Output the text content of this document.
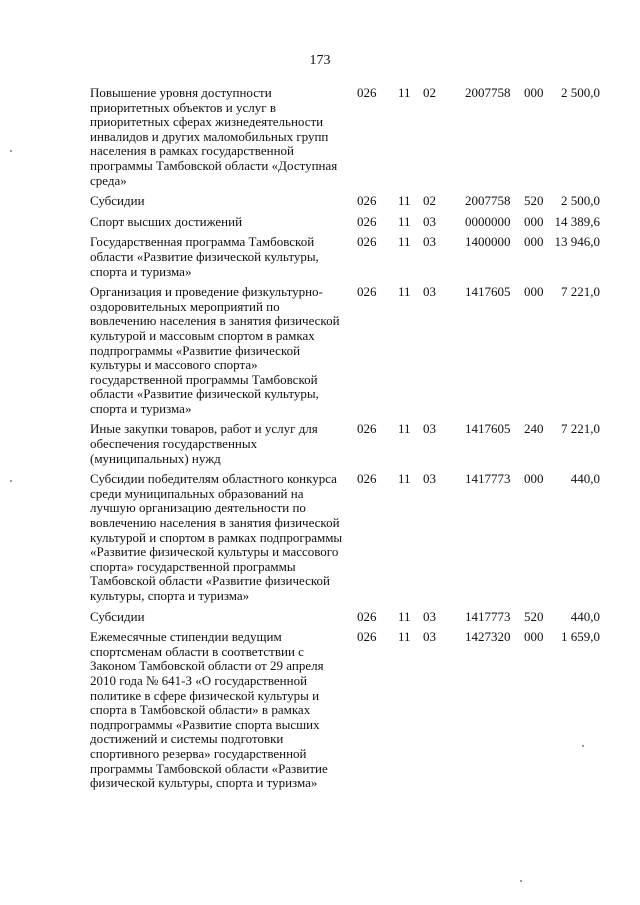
173
Повышение уровня доступности приоритетных объектов и услуг в приоритетных сферах жизнедеятельности инвалидов и других маломобильных групп населения в рамках государственной программы Тамбовской области «Доступная среда»
026	11 02	2007758	000	2 500,0
Субсидии	026	11 02	2007758	520	2 500,0
Спорт высших достижений	026	11 03	0000000	000 14 389,6
Государственная программа Тамбовской области «Развитие физической культуры, спорта и туризма»
026	11 03	1400000	000 13 946,0
Организация и проведение физкультурно-оздоровительных мероприятий по вовлечению населения в занятия физической культурой и массовым спортом в рамках подпрограммы «Развитие физической культуры и массового спорта» государственной программы Тамбовской области «Развитие физической культуры, спорта и туризма»
026	11 03	1417605	000	7 221,0
Иные закупки товаров, работ и услуг для обеспечения государственных (муниципальных) нужд
026	11 03	1417605	240	7 221,0
Субсидии победителям областного конкурса среди муниципальных образований на лучшую организацию деятельности по вовлечению населения в занятия физической культурой и спортом в рамках подпрограммы «Развитие физической культуры и массового спорта» государственной программы Тамбовской области «Развитие физической культуры, спорта и туризма»
026	11 03	1417773	000	440,0
Субсидии	026	11 03	1417773	520	440,0
Ежемесячные стипендии ведущим спортсменам области в соответствии с Законом Тамбовской области от 29 апреля 2010 года № 641-З «О государственной политике в сфере физической культуры и спорта в Тамбовской области» в рамках подпрограммы «Развитие спорта высших достижений и системы подготовки спортивного резерва» государственной программы Тамбовской области «Развитие физической культуры, спорта и туризма»
026	11 03	1427320	000	1 659,0
